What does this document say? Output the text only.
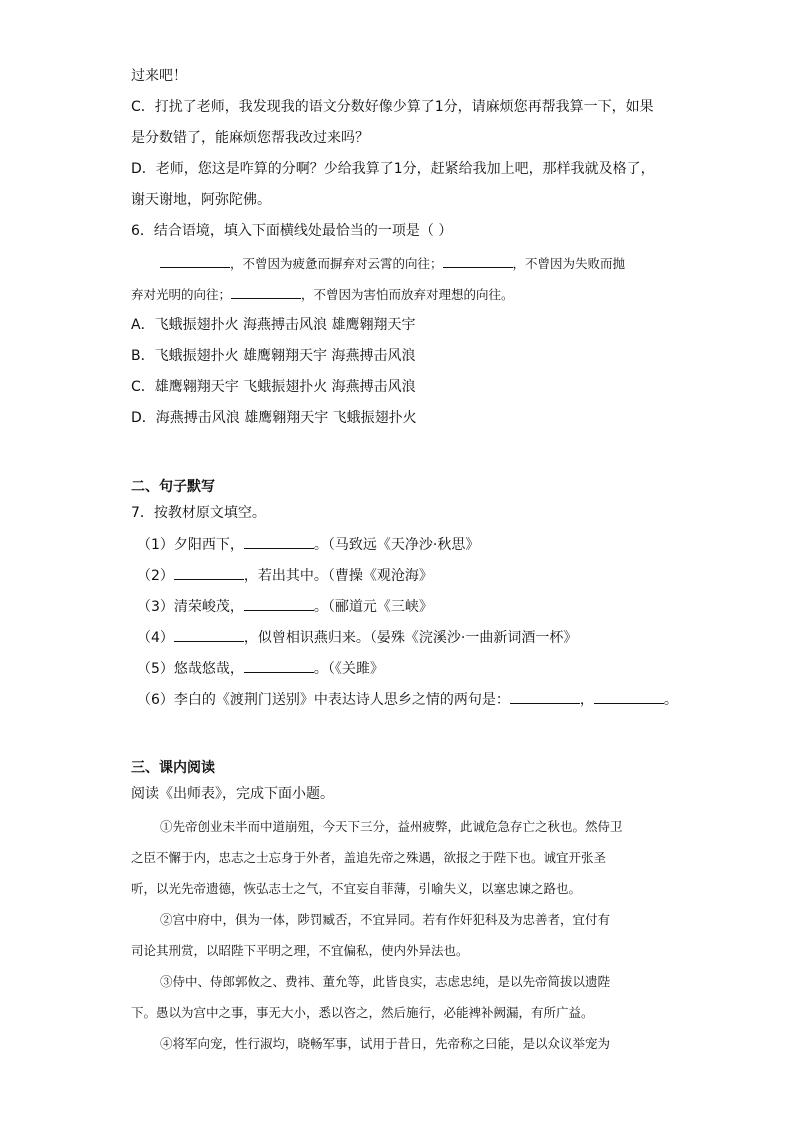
过来吧！
C．打扰了老师，我发现我的语文分数好像少算了1分，请麻烦您再帮我算一下，如果
是分数错了，能麻烦您帮我改过来吗？
D．老师，您这是咋算的分啊？少给我算了1分，赶紧给我加上吧，那样我就及格了，
谢天谢地，阿弥陀佛。
6．结合语境，填入下面横线处最恰当的一项是（ ）
，不曾因为疲惫而摒弃对云霄的向往；	，不曾因为失败而抛
弃对光明的向往；	，不曾因为害怕而放弃对理想的向往。
A．飞蛾振翅扑火 海燕搏击风浪 雄鹰翱翔天宇
B．飞蛾振翅扑火 雄鹰翱翔天宇 海燕搏击风浪
C．雄鹰翱翔天宇 飞蛾振翅扑火 海燕搏击风浪
D．海燕搏击风浪 雄鹰翱翔天宇 飞蛾振翅扑火
二、句子默写
7．按教材原文填空。
（1）夕阳西下，	。（马致远《天净沙·秋思》
（2）	，若出其中。（曹操《观沧海》
（3）清荣峻茂，	。（郦道元《三峡》
（4）	，似曾相识燕归来。（晏殊《浣溪沙·一曲新词酒一杯》
（5）悠哉悠哉，	。（《关雎》
（6）李白的《渡荆门送别》中表达诗人思乡之情的两句是：	，	。
三、课内阅读
阅读《出师表》，完成下面小题。
①先帝创业未半而中道崩殂，今天下三分，益州疲弊，此诚危急存亡之秋也。然侍卫
之臣不懈于内，忠志之士忘身于外者，盖追先帝之殊遇，欲报之于陛下也。诚宜开张圣
听，以光先帝遗德，恢弘志士之气，不宜妄自菲薄，引喻失义，以塞忠谏之路也。
②宫中府中，俱为一体，陟罚臧否，不宜异同。若有作奸犯科及为忠善者，宜付有
司论其刑赏，以昭陛下平明之理，不宜偏私，使内外异法也。
③侍中、侍郎郭攸之、费祎、董允等，此皆良实，志虑忠纯，是以先帝简拔以遗陛
下。愚以为宫中之事，事无大小，悉以咨之，然后施行，必能裨补阙漏，有所广益。
④将军向宠，性行淑均，晓畅军事，试用于昔日，先帝称之曰能，是以众议举宠为
